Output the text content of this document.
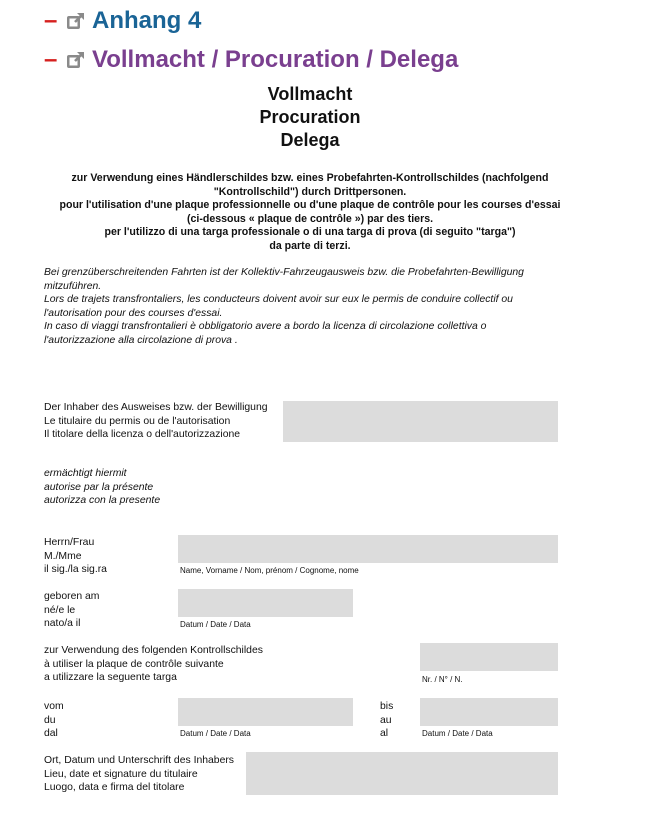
–	Anhang 4
–	Vollmacht / Procuration / Delega
Vollmacht
Procuration
Delega
zur Verwendung eines Händlerschildes bzw. eines Probefahrten-Kontrollschildes (nachfolgend
"Kontrollschild") durch Drittpersonen.
pour l'utilisation d'une plaque professionnelle ou d'une plaque de contrôle pour les courses d'essai
(ci-dessous « plaque de contrôle ») par des tiers.
per l'utilizzo di una targa professionale o di una targa di prova (di seguito "targa")
da parte di terzi.
Bei grenzüberschreitenden Fahrten ist der Kollektiv-Fahrzeugausweis bzw. die Probefahrten-Bewilligung
mitzuführen.
Lors de trajets transfrontaliers, les conducteurs doivent avoir sur eux le permis de conduire collectif ou
l'autorisation pour des courses d'essai.
In caso di viaggi transfrontalieri è obbligatorio avere a bordo la licenza di circolazione collettiva o
l'autorizzazione alla circolazione di prova .
Der Inhaber des Ausweises bzw. der Bewilligung
Le titulaire du permis ou de l'autorisation
Il titolare della licenza o dell'autorizzazione
ermächtigt hiermit
autorise par la présente
autorizza con la presente
Herrn/Frau
M./Mme
il sig./la sig.ra	Name, Vorname / Nom, prénom / Cognome, nome
geboren am
né/e le
nato/a il	Datum / Date / Data
zur Verwendung des folgenden Kontrollschildes
à utiliser la plaque de contrôle suivante
a utilizzare la seguente targa	Nr. / N° / N.
vom
du
dal	Datum / Date / Data
bis
au
al	Datum / Date / Data
Ort, Datum und Unterschrift des Inhabers
Lieu, date et signature du titulaire
Luogo, data e firma del titolare
